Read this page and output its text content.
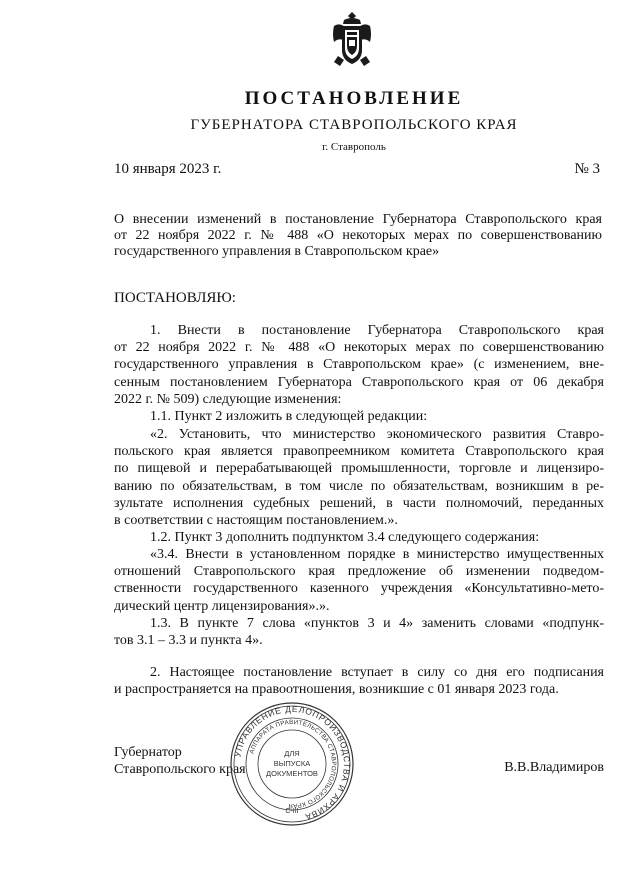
ПОСТАНОВЛЕНИЕ
ГУБЕРНАТОРА СТАВРОПОЛЬСКОГО КРАЯ
г. Ставрополь
10 января 2023 г.	№ 3
О внесении изменений в постановление Губернатора Ставропольского края
от 22 ноября 2022 г. № 488 «О некоторых мерах по совершенствованию
государственного управления в Ставропольском крае»
ПОСТАНОВЛЯЮ:
1. Внести в постановление Губернатора Ставропольского края
от 22 ноября 2022 г. № 488 «О некоторых мерах по совершенствованию
государственного управления в Ставропольском крае» (с изменением, вне-
сенным постановлением Губернатора Ставропольского края от 06 декабря
2022 г. № 509) следующие изменения:
1.1. Пункт 2 изложить в следующей редакции:
«2. Установить, что министерство экономического развития Ставро-
польского края является правопреемником комитета Ставропольского края
по пищевой и перерабатывающей промышленности, торговле и лицензиро-
ванию по обязательствам, в том числе по обязательствам, возникшим в ре-
зультате исполнения судебных решений, в части полномочий, переданных
в соответствии с настоящим постановлением.».
1.2. Пункт 3 дополнить подпунктом 3.4 следующего содержания:
«3.4. Внести в установленном порядке в министерство имущественных
отношений Ставропольского края предложение об изменении подведом-
ственности государственного казенного учреждения «Консультативно-мето-
дический центр лицензирования».».
1.3. В пункте 7 слова «пунктов 3 и 4» заменить словами «подпунк-
тов 3.1 – 3.3 и пункта 4».
2. Настоящее постановление вступает в силу со дня его подписания
и распространяется на правоотношения, возникшие с 01 января 2023 года.
Губернатор
Ставропольского края	В.В.Владимиров
УПРАВЛЕНИЕ ДЕЛОПРОИЗВОДСТВА И АРХИВА
АППАРАТА ПРАВИТЕЛЬСТВА СТАВРОПОЛЬСКОГО КРАЯ
ДЛЯ
ВЫПУСКА
ДОКУМЕНТОВ
С-III
